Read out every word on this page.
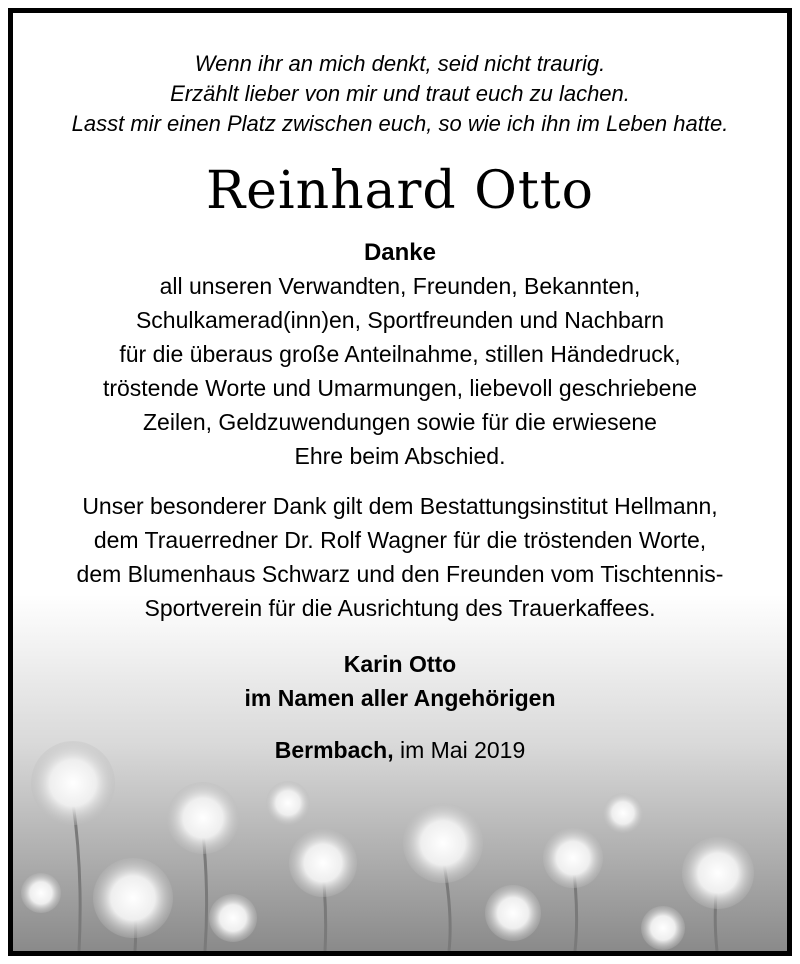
Wenn ihr an mich denkt, seid nicht traurig.
Erzählt lieber von mir und traut euch zu lachen.
Lasst mir einen Platz zwischen euch, so wie ich ihn im Leben hatte.
Reinhard Otto
Danke
all unseren Verwandten, Freunden, Bekannten,
Schulkamerad(inn)en, Sportfreunden und Nachbarn
für die überaus große Anteilnahme, stillen Händedruck,
tröstende Worte und Umarmungen, liebevoll geschriebene
Zeilen, Geldzuwendungen sowie für die erwiesene
Ehre beim Abschied.
Unser besonderer Dank gilt dem Bestattungsinstitut Hellmann,
dem Trauerredner Dr. Rolf Wagner für die tröstenden Worte,
dem Blumenhaus Schwarz und den Freunden vom Tischtennis-
Sportverein für die Ausrichtung des Trauerkaffees.
Karin Otto
im Namen aller Angehörigen
Bermbach, im Mai 2019
